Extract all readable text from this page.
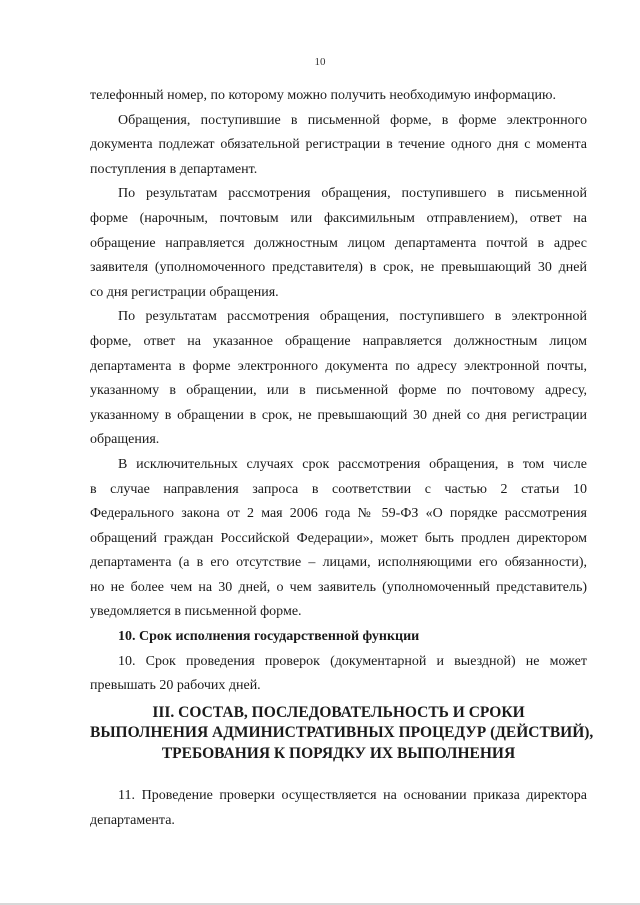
10
телефонный номер, по которому можно получить необходимую информацию.
Обращения, поступившие в письменной форме, в форме электронного
документа подлежат обязательной регистрации в течение одного дня с момента
поступления в департамент.
По результатам рассмотрения обращения, поступившего в письменной
форме (нарочным, почтовым или факсимильным отправлением), ответ на
обращение направляется должностным лицом департамента почтой в адрес
заявителя (уполномоченного представителя) в срок, не превышающий 30 дней
со дня регистрации обращения.
По результатам рассмотрения обращения, поступившего в электронной
форме, ответ на указанное обращение направляется должностным лицом
департамента в форме электронного документа по адресу электронной почты,
указанному в обращении, или в письменной форме по почтовому адресу,
указанному в обращении в срок, не превышающий 30 дней со дня регистрации
обращения.
В исключительных случаях срок рассмотрения обращения, в том числе
в случае направления запроса в соответствии с частью 2 статьи 10
Федерального закона от 2 мая 2006 года № 59-ФЗ «О порядке рассмотрения
обращений граждан Российской Федерации», может быть продлен директором
департамента (а в его отсутствие – лицами, исполняющими его обязанности),
но не более чем на 30 дней, о чем заявитель (уполномоченный представитель)
уведомляется в письменной форме.
10. Срок исполнения государственной функции
10. Срок проведения проверок (документарной и выездной) не может
превышать 20 рабочих дней.
III. СОСТАВ, ПОСЛЕДОВАТЕЛЬНОСТЬ И СРОКИ
ВЫПОЛНЕНИЯ АДМИНИСТРАТИВНЫХ ПРОЦЕДУР (ДЕЙСТВИЙ),
ТРЕБОВАНИЯ К ПОРЯДКУ ИХ ВЫПОЛНЕНИЯ
11. Проведение проверки осуществляется на основании приказа директора
департамента.
